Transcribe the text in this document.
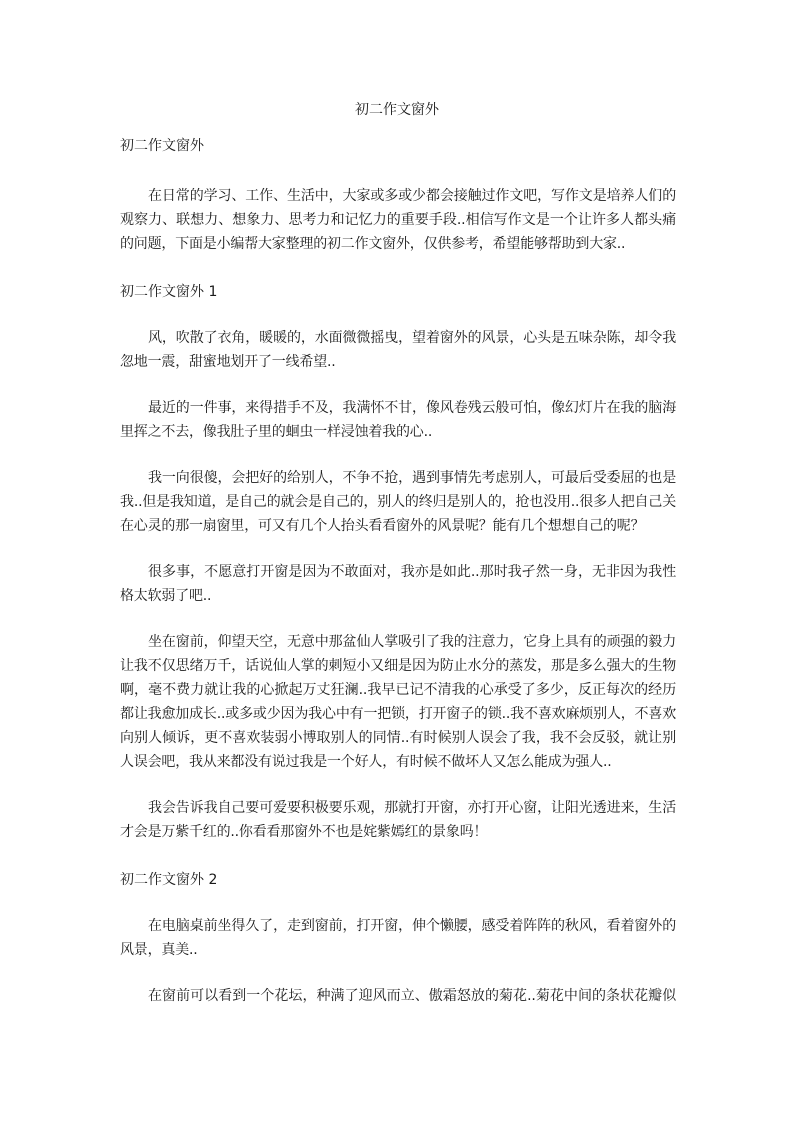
初二作文窗外
初二作文窗外

在日常的学习、工作、生活中，大家或多或少都会接触过作文吧，写作文是培养人们的
观察力、联想力、想象力、思考力和记忆力的重要手段..相信写作文是一个让许多人都头痛
的问题，下面是小编帮大家整理的初二作文窗外，仅供参考，希望能够帮助到大家..

初二作文窗外 1

风，吹散了衣角，暖暖的，水面微微摇曳，望着窗外的风景，心头是五味杂陈，却令我
忽地一震，甜蜜地划开了一线希望..

最近的一件事，来得措手不及，我满怀不甘，像风卷残云般可怕，像幻灯片在我的脑海
里挥之不去，像我肚子里的蛔虫一样浸蚀着我的心..

我一向很傻，会把好的给别人，不争不抢，遇到事情先考虑别人，可最后受委屈的也是
我..但是我知道，是自己的就会是自己的，别人的终归是别人的，抢也没用..很多人把自己关
在心灵的那一扇窗里，可又有几个人抬头看看窗外的风景呢？能有几个想想自己的呢？

很多事，不愿意打开窗是因为不敢面对，我亦是如此..那时我孑然一身，无非因为我性
格太软弱了吧..

坐在窗前，仰望天空，无意中那盆仙人掌吸引了我的注意力，它身上具有的顽强的毅力
让我不仅思绪万千，话说仙人掌的刺短小又细是因为防止水分的蒸发，那是多么强大的生物
啊，毫不费力就让我的心掀起万丈狂澜..我早已记不清我的心承受了多少，反正每次的经历
都让我愈加成长..或多或少因为我心中有一把锁，打开窗子的锁..我不喜欢麻烦别人，不喜欢
向别人倾诉，更不喜欢装弱小博取别人的同情..有时候别人误会了我，我不会反驳，就让别
人误会吧，我从来都没有说过我是一个好人，有时候不做坏人又怎么能成为强人..

我会告诉我自己要可爱要积极要乐观，那就打开窗，亦打开心窗，让阳光透进来，生活
才会是万紫千红的..你看看那窗外不也是姹紫嫣红的景象吗！

初二作文窗外 2

在电脑桌前坐得久了，走到窗前，打开窗，伸个懒腰，感受着阵阵的秋风，看着窗外的
风景，真美..

在窗前可以看到一个花坛，种满了迎风而立、傲霜怒放的菊花..菊花中间的条状花瓣似
